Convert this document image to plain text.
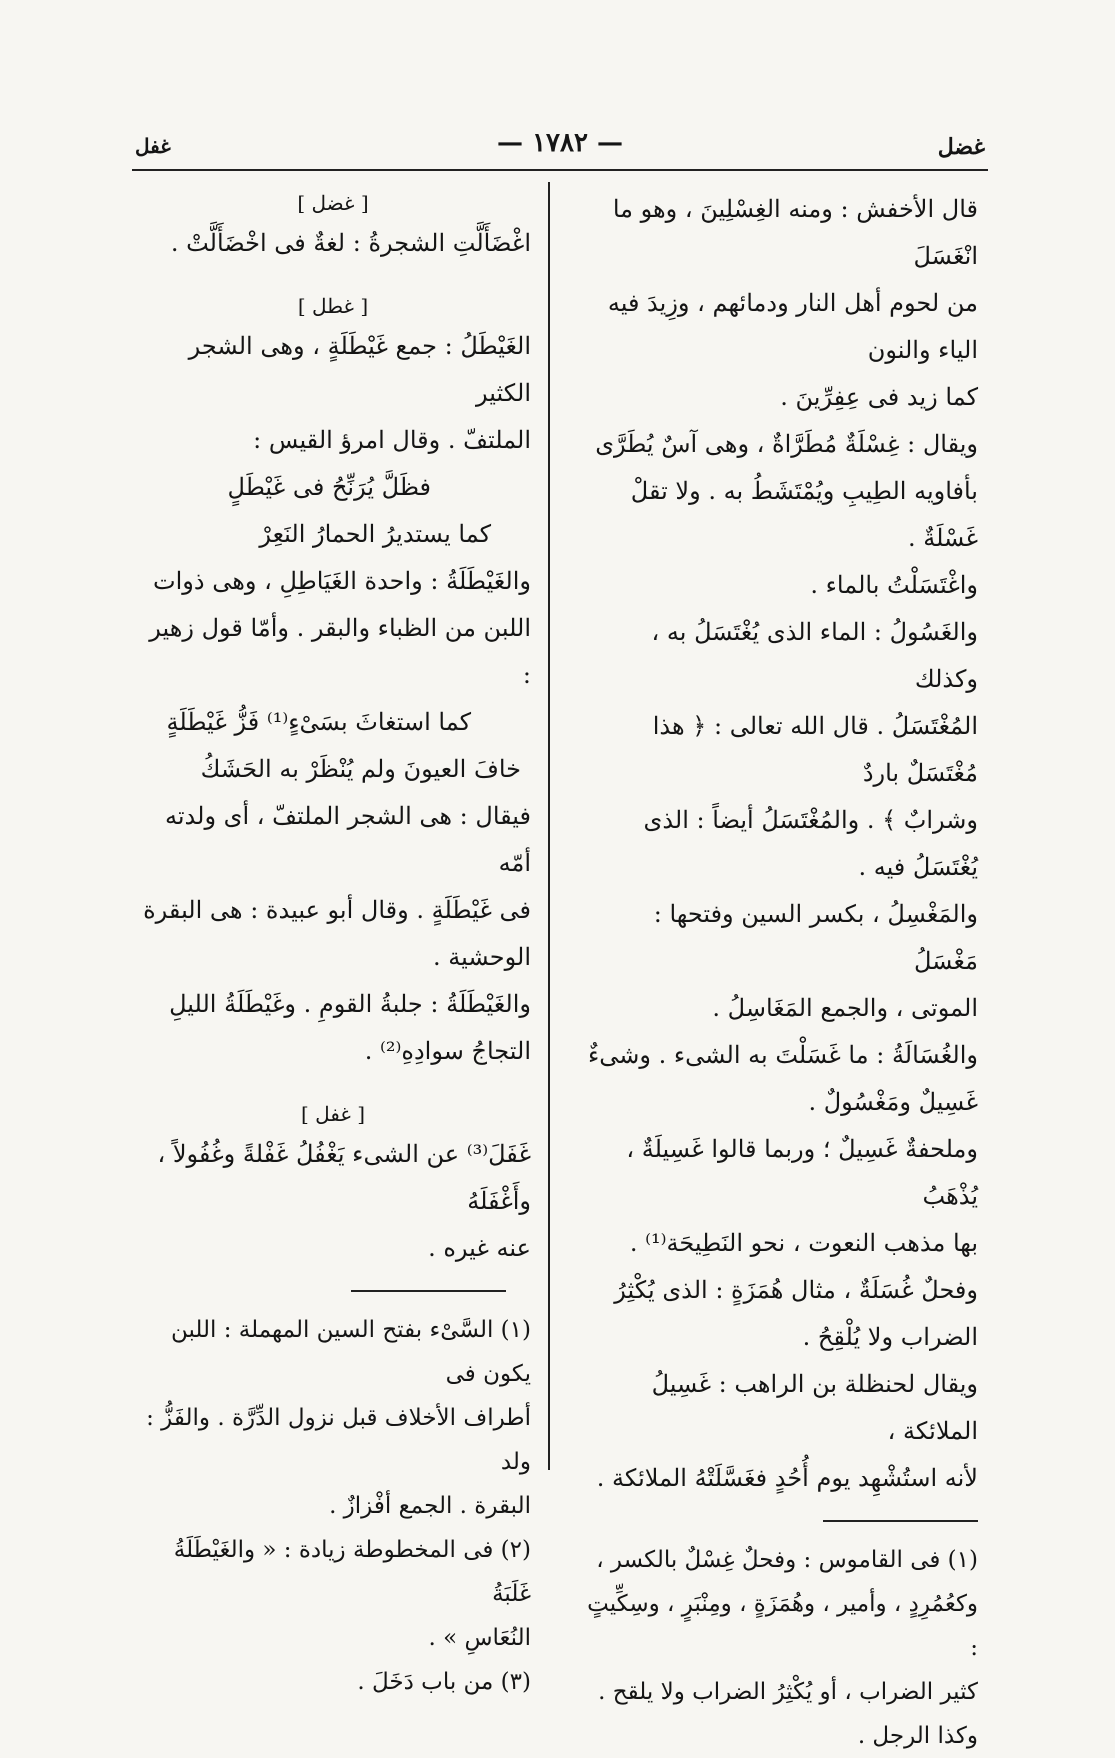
غضل
— ١٧٨٢ —
غفل

قال الأخفش : ومنه الغِسْلِينَ ، وهو ما انْغَسَلَ

من لحوم أهل النار ودمائهم ، وزِيدَ فيه الياء والنون

كما زيد فى عِفِرِّينَ .

ويقال : غِسْلَةٌ مُطَرَّاةٌ ، وهى آسٌ يُطَرَّى

بأفاويه الطِيبِ ويُمْتَشَطُ به . ولا تقلْ غَسْلَةٌ .

واغْتَسَلْتُ بالماء .

والغَسُولُ : الماء الذى يُغْتَسَلُ به ، وكذلك

المُغْتَسَلُ . قال الله تعالى : ﴿ هذا مُغْتَسَلٌ باردٌ

وشرابٌ ﴾ . والمُغْتَسَلُ أيضاً : الذى يُغْتَسَلُ فيه .

والمَغْسِلُ ، بكسر السين وفتحها : مَغْسَلُ

الموتى ، والجمع المَغَاسِلُ .

والغُسَالَةُ : ما غَسَلْتَ به الشىء . وشىءٌ

غَسِيلٌ ومَغْسُولٌ .

وملحفةٌ غَسِيلٌ ؛ وربما قالوا غَسِيلَةٌ ، يُذْهَبُ

بها مذهب النعوت ، نحو النَطِيحَة⁽¹⁾ .

وفحلٌ غُسَلَةٌ ، مثال هُمَزَةٍ : الذى يُكْثِرُ

الضراب ولا يُلْقِحُ .

ويقال لحنظلة بن الراهب : غَسِيلُ الملائكة ،

لأنه استُشْهِد يوم أُحُدٍ فغَسَّلَتْهُ الملائكة .

(١) فى القاموس : وفحلٌ غِسْلٌ بالكسر ،

وكعُمُرِدٍ ، وأمير ، وهُمَزَةٍ ، ومِنْبَرٍ ، وسِكِّيتٍ :

كثير الضراب ، أو يُكْثِرُ الضراب ولا يلقح .

وكذا الرجل .

[ غضل ]

اغْضَأَلَّتِ الشجرةُ : لغةٌ فى اخْضَأَلَّتْ .

[ غطل ]

الغَيْطَلُ : جمع غَيْطَلَةٍ ، وهى الشجر الكثير

الملتفّ . وقال امرؤ القيس :

فظَلَّ يُرَنِّحُ فى غَيْطَلٍ

كما يستديرُ الحمارُ النَعِرْ

والغَيْطَلَةُ : واحدة الغَيَاطِلِ ، وهى ذوات

اللبن من الظباء والبقر . وأمّا قول زهير :

كما استغاثَ بسَىْءٍ⁽¹⁾ فَزُّ غَيْطَلَةٍ

خافَ العيونَ ولم يُنْظَرْ به الحَشَكُ

فيقال : هى الشجر الملتفّ ، أى ولدته أمّه

فى غَيْطَلَةٍ . وقال أبو عبيدة : هى البقرة الوحشية .

والغَيْطَلَةُ : جلبةُ القومِ . وغَيْطَلَةُ الليلِ

التجاجُ سوادِهِ⁽²⁾ .

[ غفل ]

غَفَلَ⁽³⁾ عن الشىء يَغْفُلُ غَفْلةً وغُفُولاً ، وأَغْفَلَهُ

عنه غيره .

(١) السَّىْء بفتح السين المهملة : اللبن يكون فى

أطراف الأخلاف قبل نزول الدِّرَّة . والفَزُّ : ولد

البقرة . الجمع أفْزازٌ .

(٢) فى المخطوطة زيادة : « والغَيْطَلَةُ غَلَبَةُ

النُعَاسِ » .

(٣) من باب دَخَلَ .
